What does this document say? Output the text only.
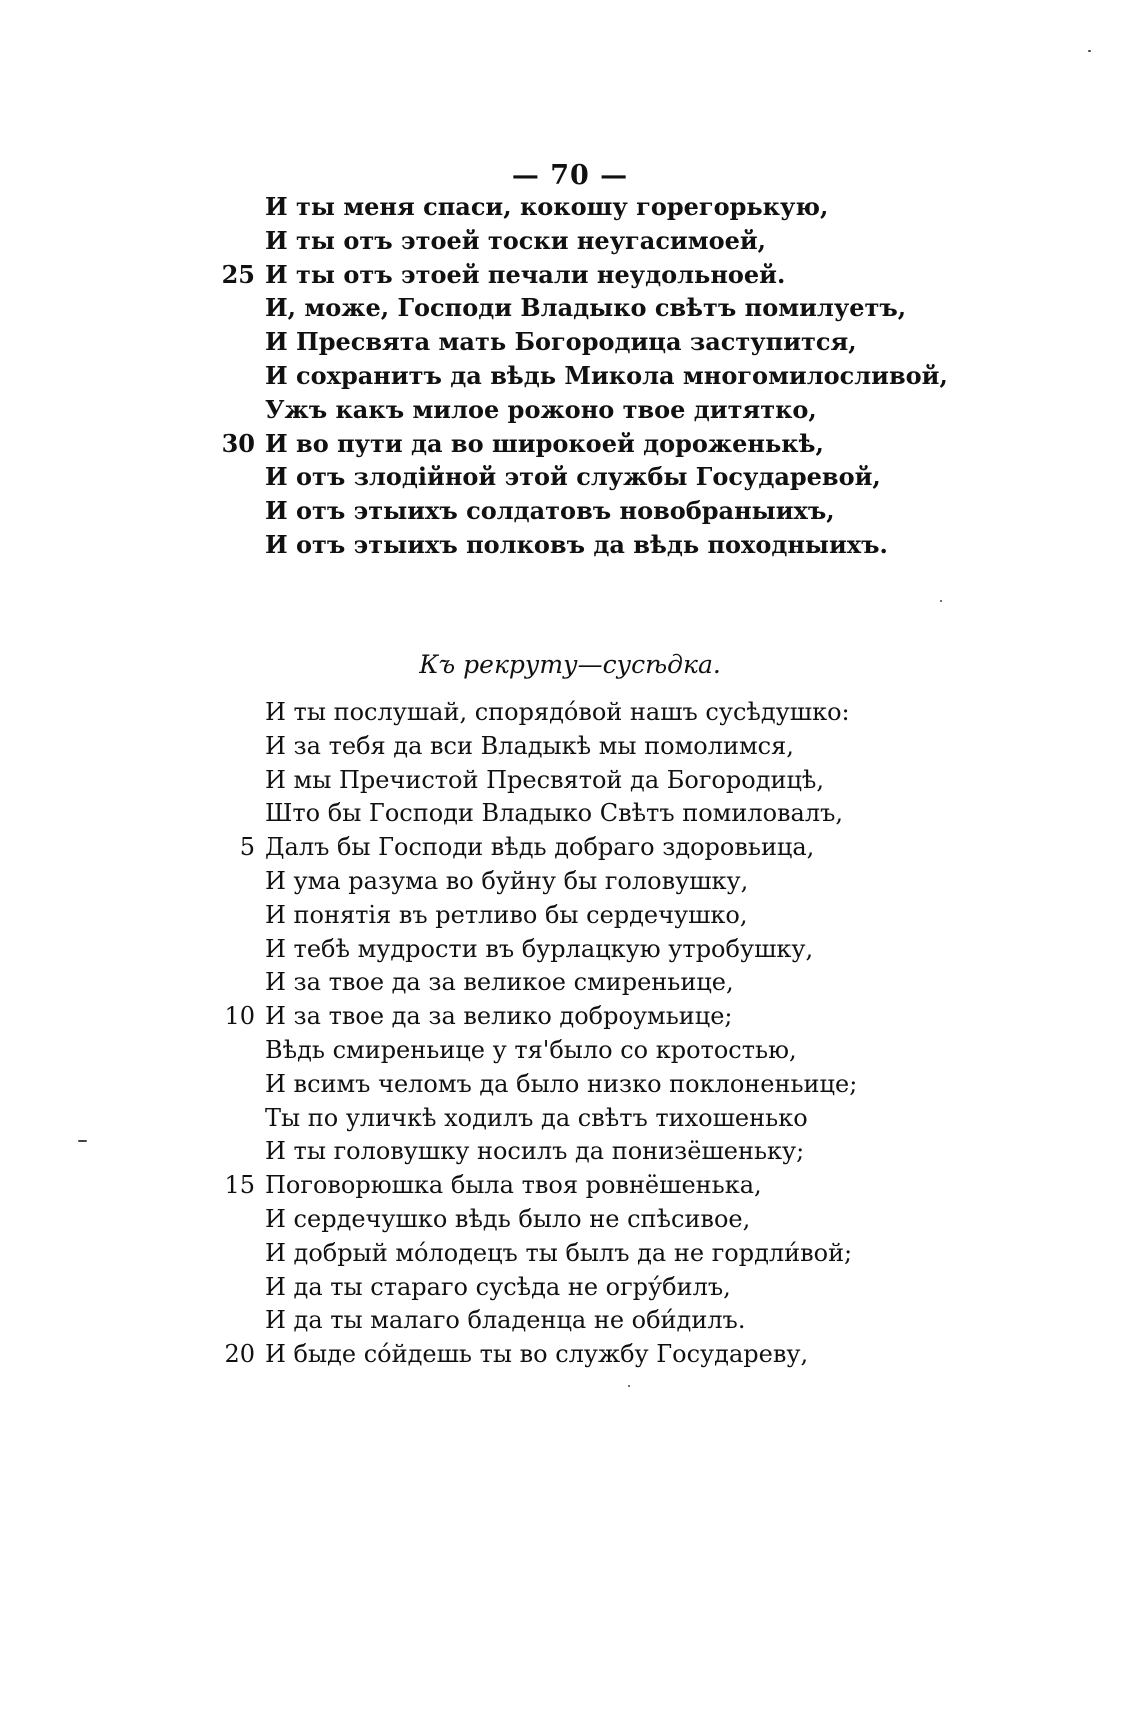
— 70 —
И ты меня спаси, кокошу горегорькую,
И ты отъ этоей тоски неугасимоей,
25 И ты отъ этоей печали неудольноей.
И, може, Господи Владыко свѣтъ помилуетъ,
И Пресвята мать Богородица заступится,
И сохранитъ да вѣдь Микола многомилосливой,
Ужъ какъ милое рожоно твое дитятко,
30 И во пути да во широкоей дороженькѣ,
И отъ злодійной этой службы Государевой,
И отъ этыихъ солдатовъ новобраныихъ,
И отъ этыихъ полковъ да вѣдь походныихъ.
Къ рекруту—сусѣдка.
И ты послушай, спорядо́вой нашъ сусѣдушко:
И за тебя да вси Владыкѣ мы помолимся,
И мы Пречистой Пресвятой да Богородицѣ,
Што бы Господи Владыко Свѣтъ помиловалъ,
5 Далъ бы Господи вѣдь добраго здоровьица,
И ума разума во буйну бы головушку,
И понятія въ ретливо бы сердечушко,
И тебѣ мудрости въ бурлацкую утробушку,
И за твое да за великое смиреньице,
10 И за твое да за велико доброумьице;
Вѣдь смиреньице у тя'было со кротостью,
И всимъ челомъ да было низко поклоненьице;
Ты по уличкѣ ходилъ да свѣтъ тихошенько
И ты головушку носилъ да понизёшеньку;
15 Поговорюшка была твоя ровнёшенька,
И сердечушко вѣдь было не спѣсивое,
И добрый мо́лодецъ ты былъ да не гордли́вой;
И да ты стараго сусѣда не огру́билъ,
И да ты малаго бладенца не оби́дилъ.
20 И быде со́йдешь ты во службу Государеву,
